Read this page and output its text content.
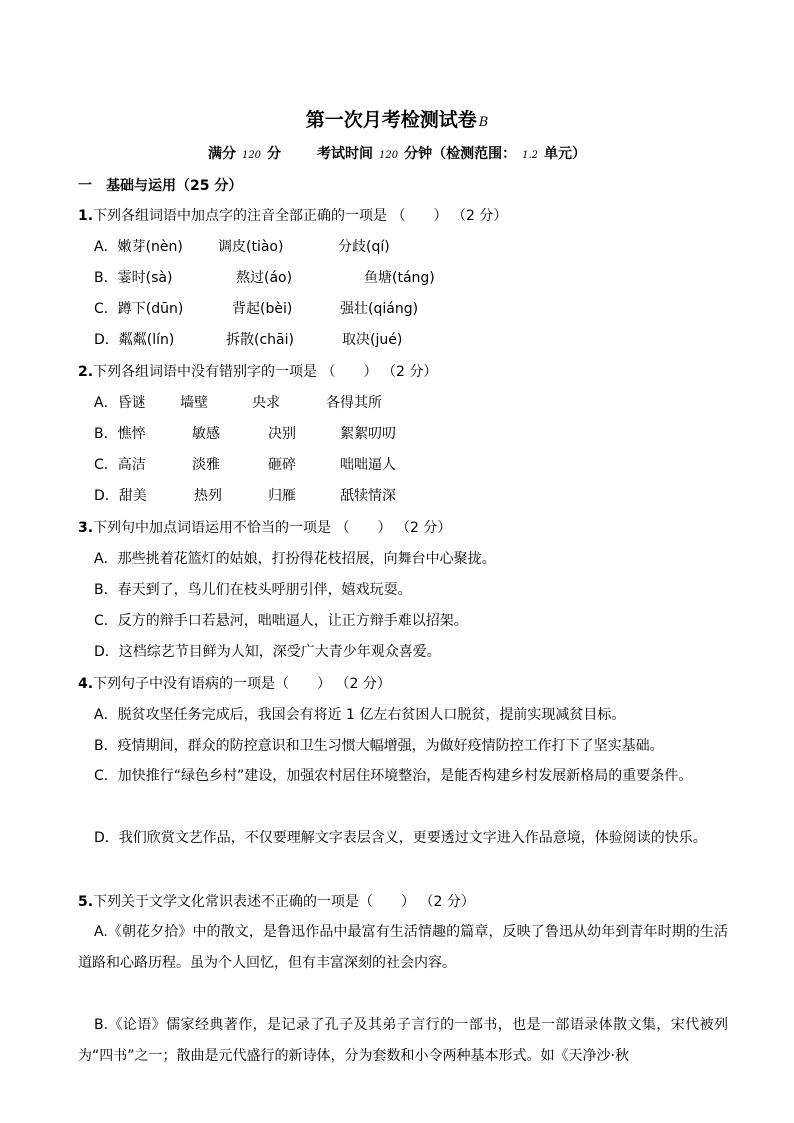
第一次月考检测试卷 B
满分 120 分	考试时间 120 分钟（检测范围： 1.2 单元）
一　基础与运用（25 分）
1.下列各组词语中加点字的注音全部正确的一项是 （　　） （2 分）
A．嫩芽(nèn)	调皮(tiào)	分歧(qí)
B．霎时(sà)	熬过(áo)	鱼塘(táng)
C．蹲下(dūn)	背起(bèi)	强壮(qiáng)
D．粼粼(lín)	拆散(chāi)	取决(jué)
2.下列各组词语中没有错别字的一项是 （　　） （2 分）
A．昏谜 墙壁	央求	各得其所
B．憔悴	敏感	决别	絮絮叨叨
C．高洁	淡雅	砸碎	咄咄逼人
D．甜美	热列	归雁	舐犊情深
3.下列句中加点词语运用不恰当的一项是 （　　） （2 分）
A．那些挑着花篮灯的姑娘，打扮得花枝招展，向舞台中心聚拢。
B．春天到了，鸟儿们在枝头呼朋引伴，嬉戏玩耍。
C．反方的辩手口若悬河，咄咄逼人，让正方辩手难以招架。
D．这档综艺节目鲜为人知，深受广大青少年观众喜爱。
4.下列句子中没有语病的一项是（　　） （2 分）
A．脱贫攻坚任务完成后，我国会有将近 1 亿左右贫困人口脱贫，提前实现减贫目标。
B．疫情期间，群众的防控意识和卫生习惯大幅增强，为做好疫情防控工作打下了坚实基础。
C．加快推行“绿色乡村”建设，加强农村居住环境整治，是能否构建乡村发展新格局的重要条件。
D．我们欣赏文艺作品，不仅要理解文字表层含义，更要透过文字进入作品意境，体验阅读的快乐。
5.下列关于文学文化常识表述不正确的一项是（　　） （2 分）
A.《朝花夕拾》中的散文，是鲁迅作品中最富有生活情趣的篇章，反映了鲁迅从幼年到青年时期的生活道路和心路历程。虽为个人回忆，但有丰富深刻的社会内容。
B.《论语》儒家经典著作，是记录了孔子及其弟子言行的一部书，也是一部语录体散文集，宋代被列为“四书”之一；散曲是元代盛行的新诗体，分为套数和小令两种基本形式。如《天净沙·秋
